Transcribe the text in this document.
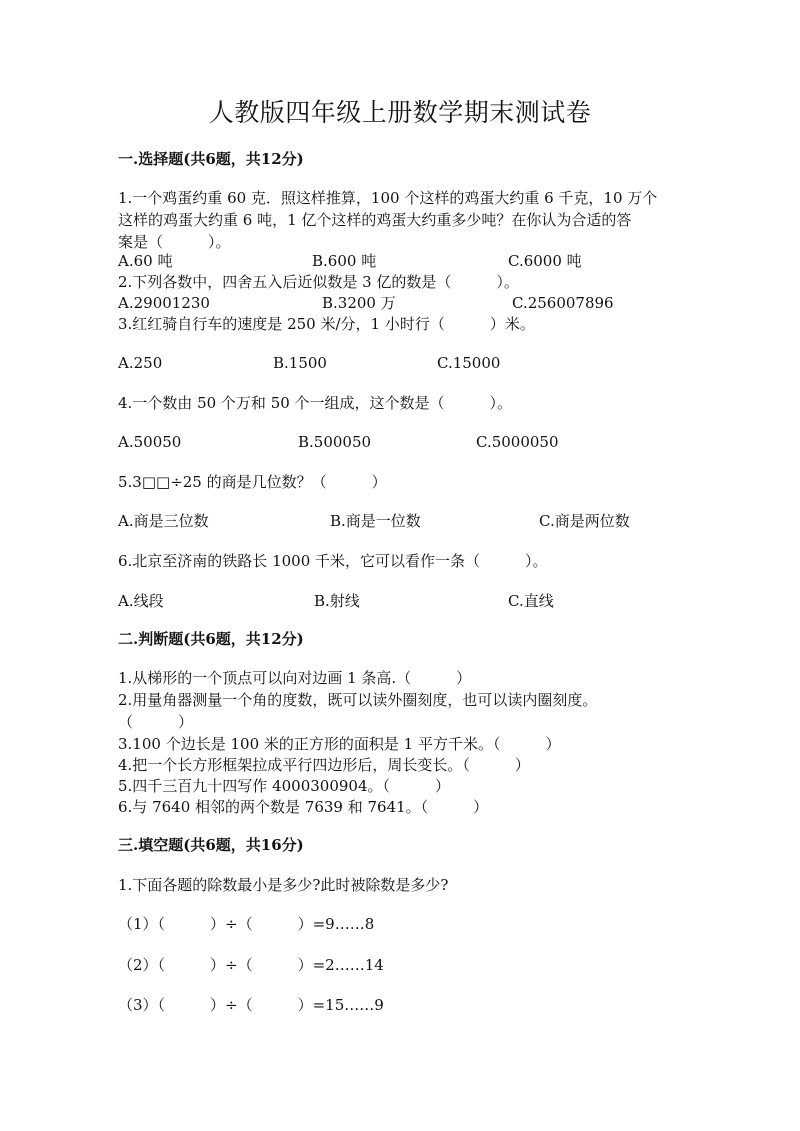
人教版四年级上册数学期末测试卷
一.选择题(共6题，共12分)
1.一个鸡蛋约重 60 克．照这样推算，100 个这样的鸡蛋大约重 6 千克，10 万个
这样的鸡蛋大约重 6 吨，1 亿个这样的鸡蛋大约重多少吨？在你认为合适的答
案是（　　　）。
A.60 吨	B.600 吨	C.6000 吨
2.下列各数中，四舍五入后近似数是 3 亿的数是（　　　）。
A.29001230	B.3200 万	C.256007896
3.红红骑自行车的速度是 250 米/分，1 小时行（　　　）米。
A.250	B.1500	C.15000
4.一个数由 50 个万和 50 个一组成，这个数是（　　　）。
A.50050	B.500050	C.5000050
5.3□□÷25 的商是几位数？（　　　）
A.商是三位数	B.商是一位数	C.商是两位数
6.北京至济南的铁路长 1000 千米，它可以看作一条（　　　）。
A.线段	B.射线	C.直线
二.判断题(共6题，共12分)
1.从梯形的一个顶点可以向对边画 1 条高.（　　　）
2.用量角器测量一个角的度数，既可以读外圈刻度，也可以读内圈刻度。
（　　　）
3.100 个边长是 100 米的正方形的面积是 1 平方千米。（　　　）
4.把一个长方形框架拉成平行四边形后，周长变长。（　　　）
5.四千三百九十四写作 4000300904。（　　　）
6.与 7640 相邻的两个数是 7639 和 7641。（　　　）
三.填空题(共6题，共16分)
1.下面各题的除数最小是多少?此时被除数是多少?
（1）（　　　）÷（　　　）=9……8
（2）（　　　）÷（　　　）=2……14
（3）（　　　）÷（　　　）=15……9
